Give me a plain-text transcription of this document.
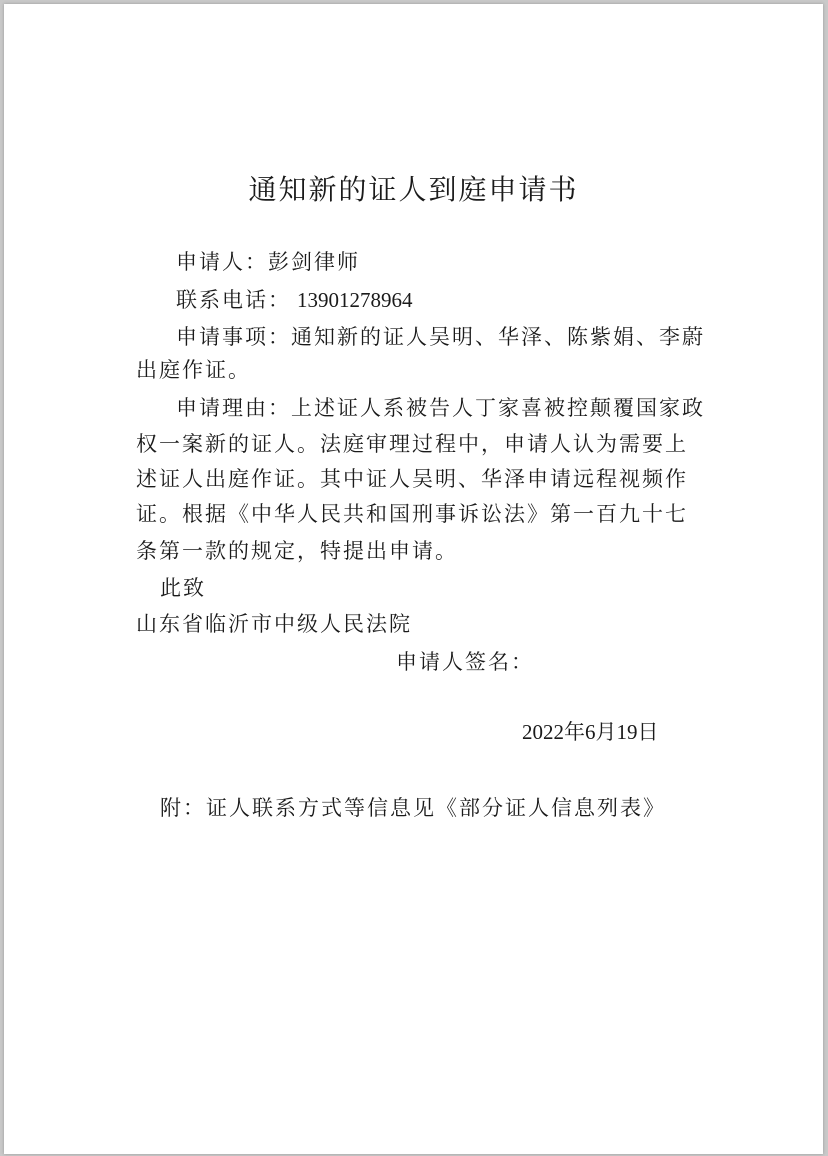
通知新的证人到庭申请书
申请人：彭剑律师
联系电话： 13901278964
申请事项：通知新的证人吴明、华泽、陈紫娟、李蔚
出庭作证。
申请理由：上述证人系被告人丁家喜被控颠覆国家政
权一案新的证人。法庭审理过程中，申请人认为需要上
述证人出庭作证。其中证人吴明、华泽申请远程视频作
证。根据《中华人民共和国刑事诉讼法》第一百九十七
条第一款的规定，特提出申请。
此致
山东省临沂市中级人民法院
申请人签名：
2022年6月19日
附：证人联系方式等信息见《部分证人信息列表》
